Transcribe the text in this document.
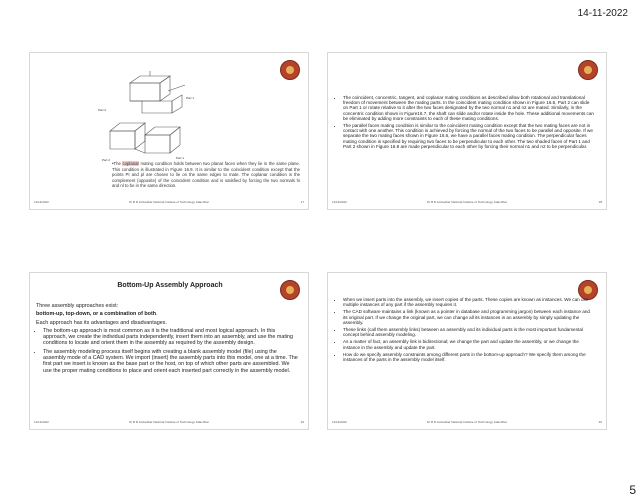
14-11-2022
Part 2
Part 1
Part 2	Part 1
•The coplanar mating condition holds between two planar faces when they lie in the same plane. This condition is illustrated in Figure 16.9. It is similar to the coincident condition except that the points PI and pl are chosen to lie on the same edges to mate. The coplanar condition is the complement (opposite) of the coincident condition and is satisfied by forcing the two normals hi and nl to be in the same direction.
11/14/2022	Dr B R Ambedkar National Institute of Technology Jalandhar	17
• The coincident, concentric, tangent, and coplanar mating conditions as described allow both rotational and translational freedom of movement between the mating parts. In the coincident mating condition shown in Figure 16.6, Part 2 can slide on Part 1 or rotate relative to it after the two faces designated by the two normal n1 and n2 are mated. Similarly, in the concentric condition shown in Figure16.7, the shaft can slide and/or rotate inside the hole. These additional movements can be eliminated by adding more constraints to each of these mating conditions.
• The parallel faces mating condition is similar to the coincident mating condition except that the two mating faces are not in contact with one another. This condition is achieved by forcing the normal of the two faces to be parallel and opposite. If we separate the two mating faces shown in Figure 16.6, we have a parallel faces mating condition. The perpendicular faces mating condition is specified by requiring two faces to be perpendicular to each other. The two shaded faces of Part 1 and Part 2 shown in Figure 16.8 are made perpendicular to each other by forcing their normal n1 and n2 to be perpendicular.
11/14/2022	Dr B R Ambedkar National Institute of Technology Jalandhar	18
Bottom-Up Assembly Approach

Three assembly approaches exist:

bottom-up, top-down, or a combination of both.

Each approach has its advantages and disadvantages.

• The bottom-up approach is most common as it is the traditional and most logical approach. In this approach, we create the individual parts independently, insert them into an assembly, and use the mating conditions to locate and orient them in the assembly as required by the assembly design.
• The assembly modeling process itself begins with creating a blank assembly model (file) using the assembly mode of a CAD system. We import (insert) the assembly parts into this model, one at a time. The first part we insert is known as the base part or the host, on top of which other parts are assembled. We use the proper mating conditions to place and orient each inserted part correctly in the assembly model.
11/14/2022	Dr B R Ambedkar National Institute of Technology Jalandhar	19
• When we insert parts into the assembly, we insert copies of the parts. These copies are known as instances. We can use multiple instances of any part if the assembly requires it.
• The CAD software maintains a link (known as a pointer in database and programming jargon) between each instance and its original part. If we change the original part, we can change all its instances in an assembly by simply updating the assembly.
• These links (call them assembly links) between an assembly and its individual parts is the most important fundamental concept behind assembly modeling.
• As a matter of fact, an assembly link is bidirectional; we change the part and update the assembly, or we change the instance in the assembly and update the part.
• How do we specify assembly constraints among different parts in the bottom-up approach? We specify them among the instances of the parts in the assembly model itself.
11/14/2022	Dr B R Ambedkar National Institute of Technology Jalandhar	20
5
